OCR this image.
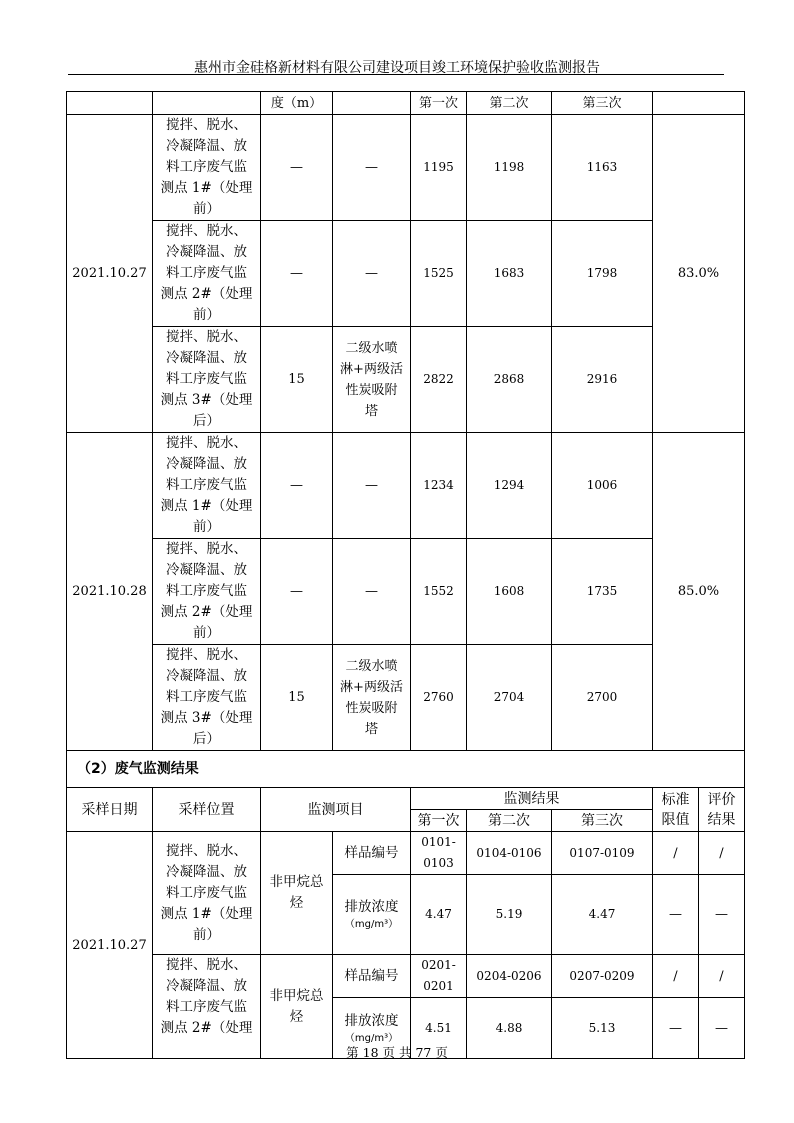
惠州市金硅格新材料有限公司建设项目竣工环境保护验收监测报告
		度（m）		第一次	第二次	第三次		
2021.10.27	搅拌、脱水、
冷凝降温、放
料工序废气监
测点 1#（处理
前）	—	—	1195	1198	1163	83.0%	
	搅拌、脱水、
冷凝降温、放
料工序废气监
测点 2#（处理
前）	—	—	1525	1683	1798		
	搅拌、脱水、
冷凝降温、放
料工序废气监
测点 3#（处理
后）	15	二级水喷
淋+两级活
性炭吸附
塔	2822	2868	2916		
2021.10.28	搅拌、脱水、
冷凝降温、放
料工序废气监
测点 1#（处理
前）	—	—	1234	1294	1006	85.0%	
	搅拌、脱水、
冷凝降温、放
料工序废气监
测点 2#（处理
前）	—	—	1552	1608	1735		
	搅拌、脱水、
冷凝降温、放
料工序废气监
测点 3#（处理
后）	15	二级水喷
淋+两级活
性炭吸附
塔	2760	2704	2700		
（2）废气监测结果								
采样日期	采样位置	监测项目		监测结果			标准
限值	评价
结果
				第一次	第二次	第三次		
2021.10.27	搅拌、脱水、
冷凝降温、放
料工序废气监
测点 1#（处理
前）	非甲烷总
烃	样品编号	0101-0103	0104-0106	0107-0109	/	/
			排放浓度
（mg/m³）	4.47	5.19	4.47	—	—
	搅拌、脱水、
冷凝降温、放
料工序废气监
测点 2#（处理	非甲烷总
烃	样品编号	0201-0201	0204-0206	0207-0209	/	/
			排放浓度
（mg/m³）	4.51	4.88	5.13	—	—
第 18 页 共 77 页
